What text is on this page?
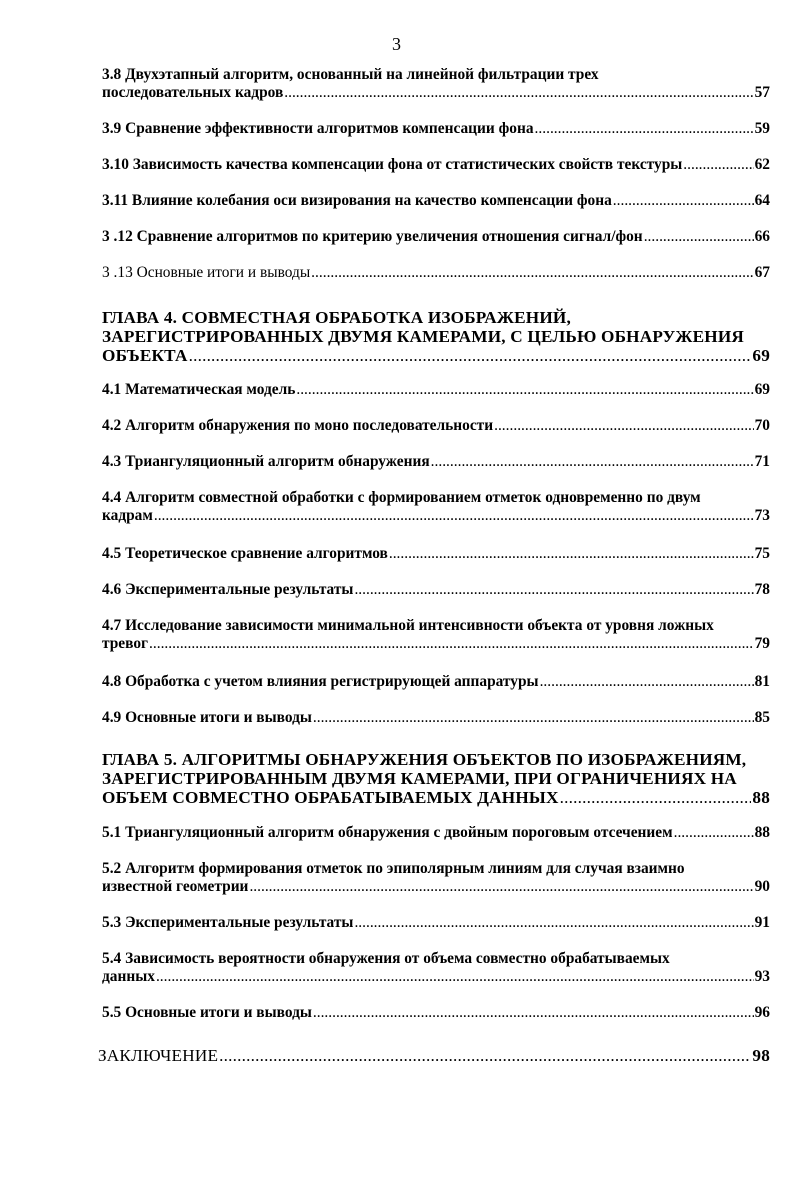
3
3.8 Двухэтапный алгоритм, основанный на линейной фильтрации трех
последовательных кадров .....	57
3.9 Сравнение эффективности алгоритмов компенсации фона .....	59
3.10 Зависимость качества компенсации фона от статистических свойств текстуры .....	62
3.11 Влияние колебания оси визирования на качество компенсации фона .....	64
3 .12 Сравнение алгоритмов по критерию увеличения отношения сигнал/фон .....	66
3 .13 Основные итоги и выводы .....	67
ГЛАВА 4. СОВМЕСТНАЯ ОБРАБОТКА ИЗОБРАЖЕНИЙ,
ЗАРЕГИСТРИРОВАННЫХ ДВУМЯ КАМЕРАМИ, С ЦЕЛЬЮ ОБНАРУЖЕНИЯ
ОБЪЕКТА .....	69
4.1 Математическая модель .....	69
4.2 Алгоритм обнаружения по моно последовательности .....	70
4.3 Триангуляционный алгоритм обнаружения .....	71
4.4 Алгоритм совместной обработки с формированием отметок одновременно по двум
кадрам .....	73
4.5 Теоретическое сравнение алгоритмов .....	75
4.6 Экспериментальные результаты .....	78
4.7 Исследование зависимости минимальной интенсивности объекта от уровня ложных
тревог .....	79
4.8 Обработка с учетом влияния регистрирующей аппаратуры .....	81
4.9 Основные итоги и выводы .....	85
ГЛАВА 5. АЛГОРИТМЫ ОБНАРУЖЕНИЯ ОБЪЕКТОВ ПО ИЗОБРАЖЕНИЯМ,
ЗАРЕГИСТРИРОВАННЫМ ДВУМЯ КАМЕРАМИ, ПРИ ОГРАНИЧЕНИЯХ НА
ОБЪЕМ СОВМЕСТНО ОБРАБАТЫВАЕМЫХ ДАННЫХ .....	88
5.1 Триангуляционный алгоритм обнаружения с двойным пороговым отсечением .....	88
5.2 Алгоритм формирования отметок по эпиполярным линиям для случая взаимно
известной геометрии .....	90
5.3 Экспериментальные результаты .....	91
5.4 Зависимость вероятности обнаружения от объема совместно обрабатываемых
данных .....	93
5.5 Основные итоги и выводы .....	96
ЗАКЛЮЧЕНИЕ .....	98
